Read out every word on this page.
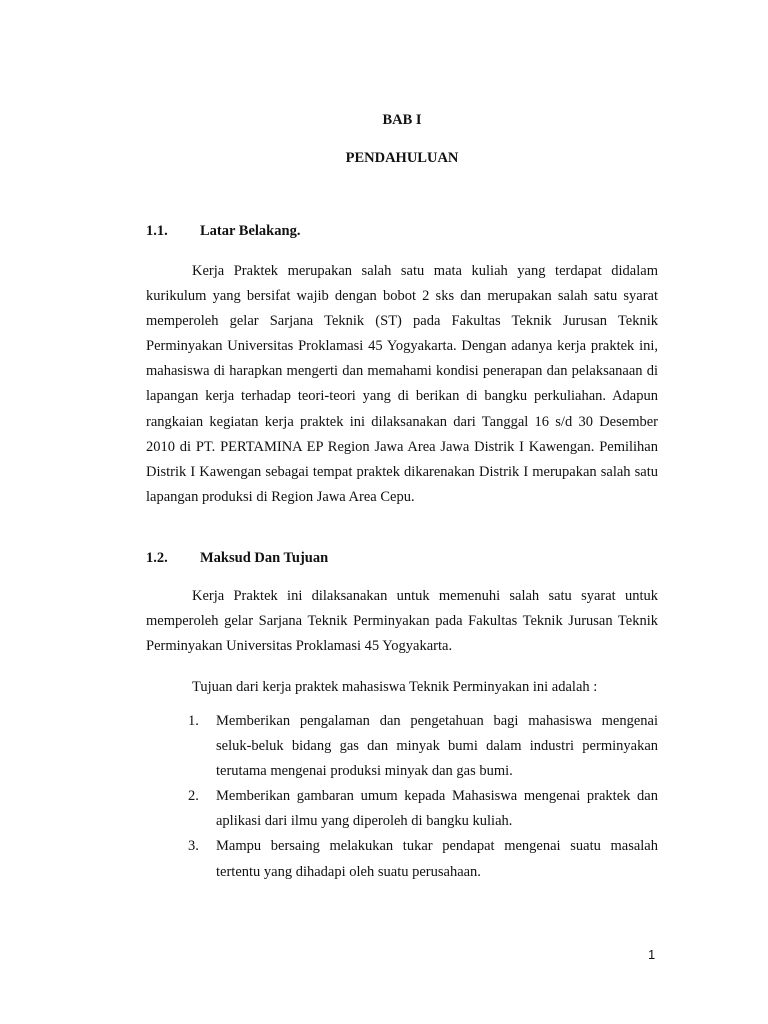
BAB I
PENDAHULUAN
1.1. Latar Belakang.

Kerja Praktek merupakan salah satu mata kuliah yang terdapat didalam kurikulum yang bersifat wajib dengan bobot 2 sks dan merupakan salah satu syarat memperoleh gelar Sarjana Teknik (ST) pada Fakultas Teknik Jurusan Teknik Perminyakan Universitas Proklamasi 45 Yogyakarta. Dengan adanya kerja praktek ini, mahasiswa di harapkan mengerti dan memahami kondisi penerapan dan pelaksanaan di lapangan kerja terhadap teori-teori yang di berikan di bangku perkuliahan. Adapun rangkaian kegiatan kerja praktek ini dilaksanakan dari Tanggal 16 s/d 30 Desember 2010 di PT. PERTAMINA EP Region Jawa Area Jawa Distrik I Kawengan. Pemilihan Distrik I Kawengan sebagai tempat praktek dikarenakan Distrik I merupakan salah satu lapangan produksi di Region Jawa Area Cepu.

1.2. Maksud Dan Tujuan

Kerja Praktek ini dilaksanakan untuk memenuhi salah satu syarat untuk memperoleh gelar Sarjana Teknik Perminyakan pada Fakultas Teknik Jurusan Teknik Perminyakan Universitas Proklamasi 45 Yogyakarta.

Tujuan dari kerja praktek mahasiswa Teknik Perminyakan ini adalah :

1.	Memberikan pengalaman dan pengetahuan bagi mahasiswa mengenai seluk-beluk bidang gas dan minyak bumi dalam industri perminyakan terutama mengenai produksi minyak dan gas bumi.
2.	Memberikan gambaran umum kepada Mahasiswa mengenai praktek dan aplikasi dari ilmu yang diperoleh di bangku kuliah.
3.	Mampu bersaing melakukan tukar pendapat mengenai suatu masalah tertentu yang dihadapi oleh suatu perusahaan.

1
